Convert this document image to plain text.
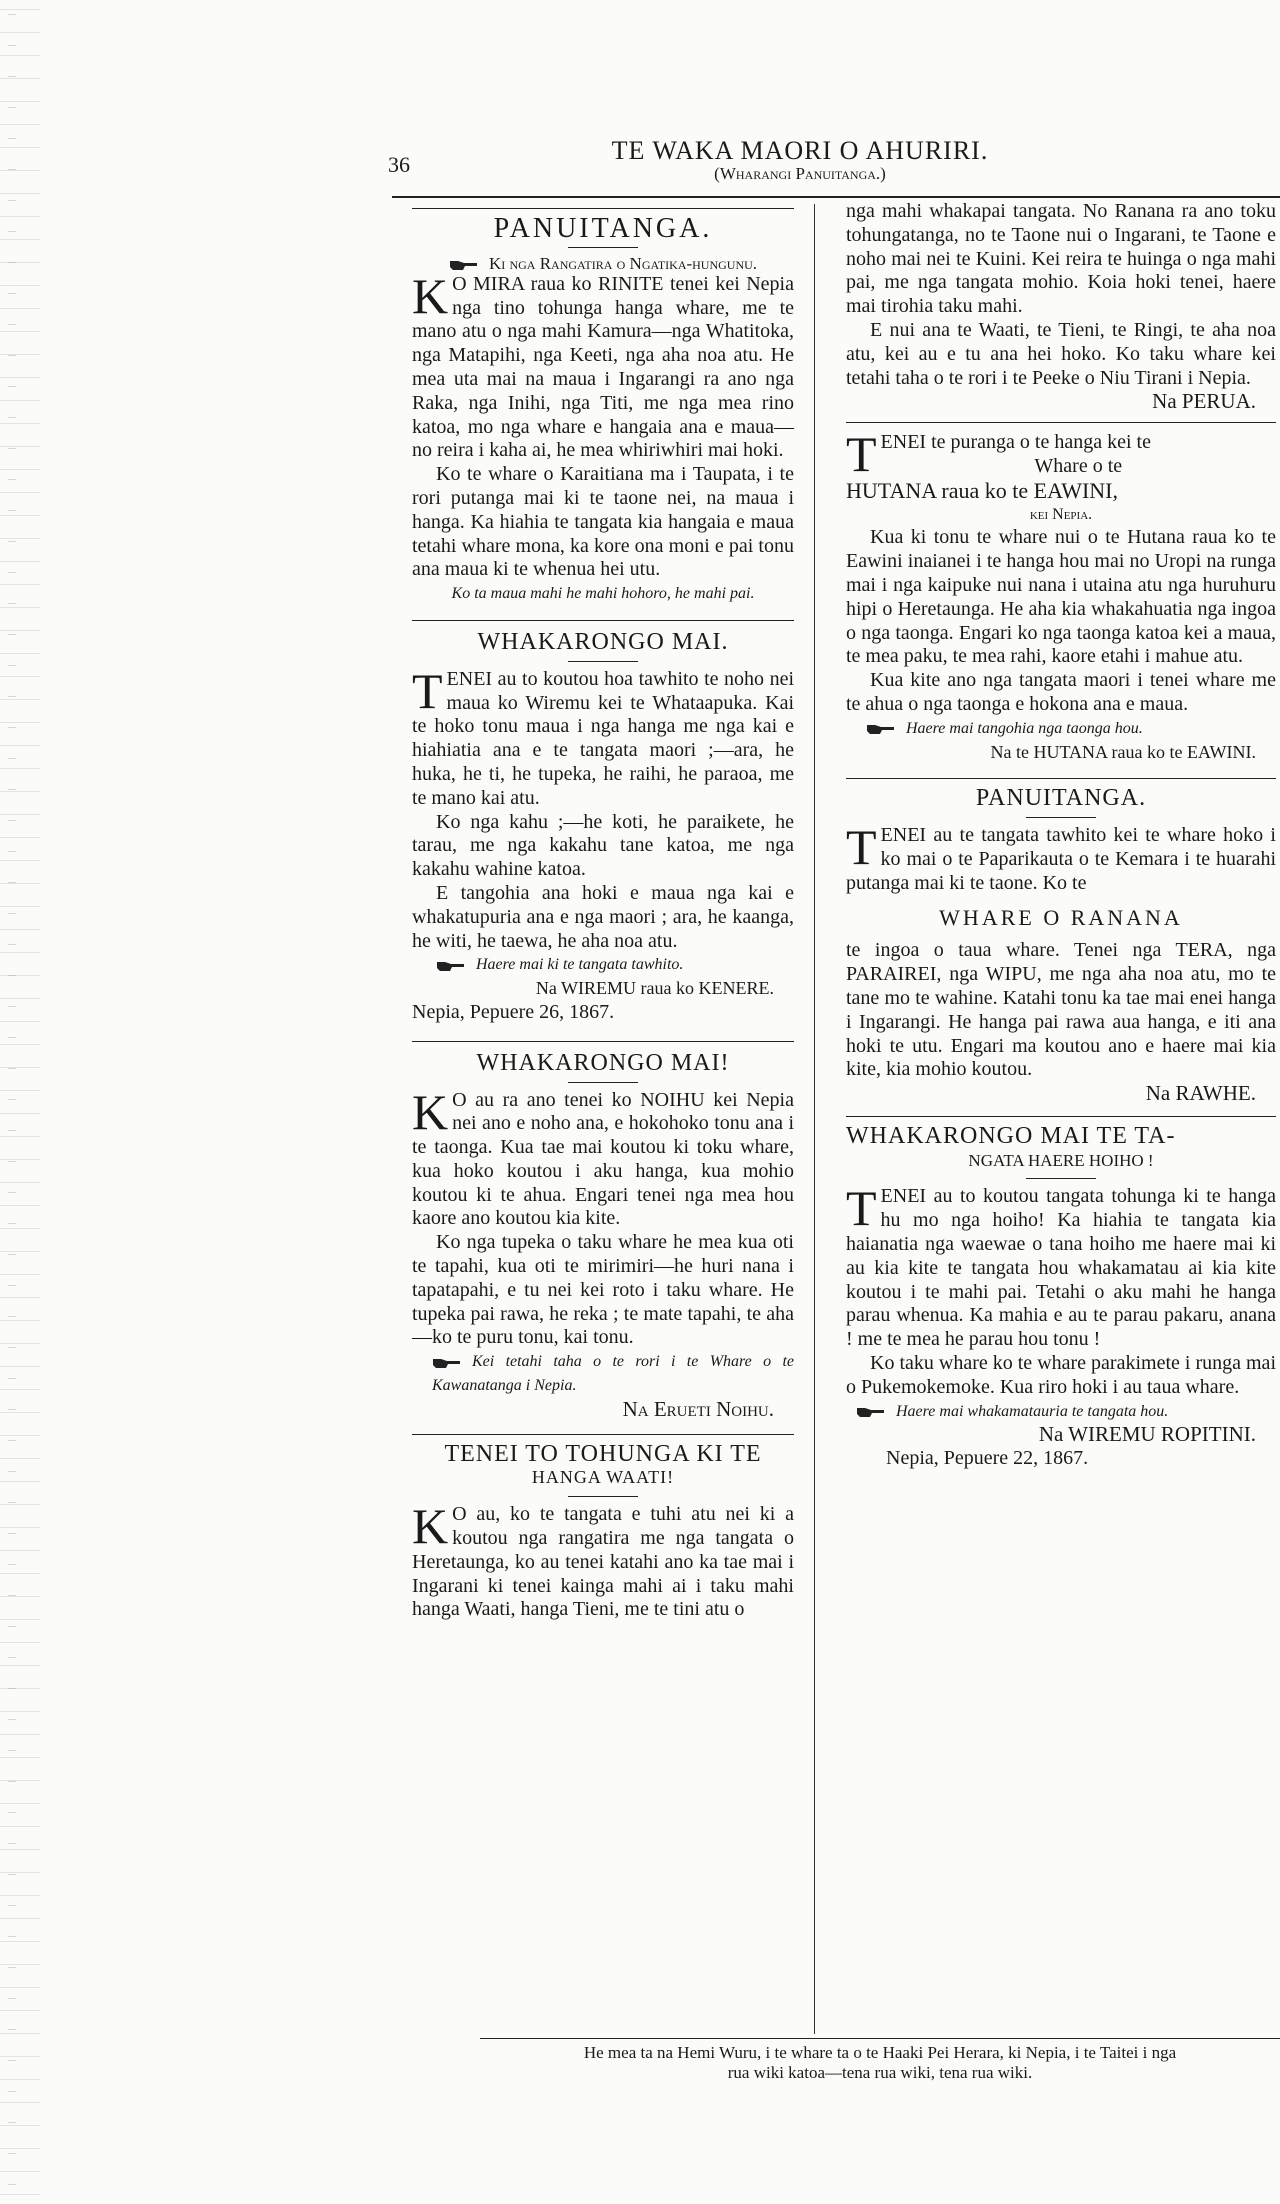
36	TE WAKA MAORI O AHURIRI.
(Wharangi Panuitanga.)
PANUITANGA.

Ki nga Rangatira o Ngatika-hungunu.

K O MIRA raua ko RINITE tenei kei Nepia nga tino tohunga hanga whare, me te mano atu o nga mahi Kamura—nga Whatitoka, nga Matapihi, nga Keeti, nga aha noa atu. He mea uta mai na maua i Ingarangi ra ano nga Raka, nga Inihi, nga Titi, me nga mea rino katoa, mo nga whare e hangaia ana e maua—no reira i kaha ai, he mea whiriwhiri mai hoki.

Ko te whare o Karaitiana ma i Taupata, i te rori putanga mai ki te taone nei, na maua i hanga. Ka hiahia te tangata kia hangaia e maua tetahi whare mona, ka kore ona moni e pai tonu ana maua ki te whenua hei utu.

Ko ta maua mahi he mahi hohoro, he mahi pai.

WHAKARONGO MAI.

TENEI au to koutou hoa tawhito te noho nei maua ko Wiremu kei te Whataapuka. Kai te hoko tonu maua i nga hanga me nga kai e hiahiatia ana e te tangata maori ;—ara, he huka, he ti, he tupeka, he raihi, he paraoa, me te mano kai atu.

Ko nga kahu ;—he koti, he paraikete, he tarau, me nga kakahu tane katoa, me nga kakahu wahine katoa.

E tangohia ana hoki e maua nga kai e whakatupuria ana e nga maori ; ara, he kaanga, he witi, he taewa, he aha noa atu.

Haere mai ki te tangata tawhito.

Na WIREMU raua ko KENERE.

Nepia, Pepuere 26, 1867.

WHAKARONGO MAI!

K O au ra ano tenei ko NOIHU kei Nepia nei ano e noho ana, e hokohoko tonu ana i te taonga. Kua tae mai koutou ki toku whare, kua hoko koutou i aku hanga, kua mohio koutou ki te ahua. Engari tenei nga mea hou kaore ano koutou kia kite.

Ko nga tupeka o taku whare he mea kua oti te tapahi, kua oti te mirimiri—he huri nana i tapatapahi, e tu nei kei roto i taku whare. He tupeka pai rawa, he reka ; te mate tapahi, te aha—ko te puru tonu, kai tonu.

Kei tetahi taha o te rori i te Whare o te Kawanatanga i Nepia.

Na Erueti Noihu.

TENEI TO TOHUNGA KI TE

HANGA WAATI!

K O au, ko te tangata e tuhi atu nei ki a koutou nga rangatira me nga tangata o Heretaunga, ko au tenei katahi ano ka tae mai i Ingarani ki tenei kainga mahi ai i taku mahi hanga Waati, hanga Tieni, me te tini atu o

nga mahi whakapai tangata. No Ranana ra ano toku tohungatanga, no te Taone nui o Ingarani, te Taone e noho mai nei te Kuini. Kei reira te huinga o nga mahi pai, me nga tangata mohio. Koia hoki tenei, haere mai tirohia taku mahi.

E nui ana te Waati, te Tieni, te Ringi, te aha noa atu, kei au e tu ana hei hoko. Ko taku whare kei tetahi taha o te rori i te Peeke o Niu Tirani i Nepia.

Na PERUA.

TENEI te puranga o te hanga kei te

Whare o te

HUTANA raua ko te EAWINI,

kei Nepia.

Kua ki tonu te whare nui o te Hutana raua ko te Eawini inaianei i te hanga hou mai no Uropi na runga mai i nga kaipuke nui nana i utaina atu nga huruhuru hipi o Heretaunga. He aha kia whakahuatia nga ingoa o nga taonga. Engari ko nga taonga katoa kei a maua, te mea paku, te mea rahi, kaore etahi i mahue atu.

Kua kite ano nga tangata maori i tenei whare me te ahua o nga taonga e hokona ana e maua.

Haere mai tangohia nga taonga hou.

Na te HUTANA raua ko te EAWINI.

PANUITANGA.

TENEI au te tangata tawhito kei te whare hoko i ko mai o te Paparikauta o te Kemara i te huarahi putanga mai ki te taone. Ko te

WHARE O RANANA

te ingoa o taua whare. Tenei nga TERA, nga PARAIREI, nga WIPU, me nga aha noa atu, mo te tane mo te wahine. Katahi tonu ka tae mai enei hanga i Ingarangi. He hanga pai rawa aua hanga, e iti ana hoki te utu. Engari ma koutou ano e haere mai kia kite, kia mohio koutou.

Na RAWHE.

WHAKARONGO MAI TE TA-

NGATA HAERE HOIHO !

TENEI au to koutou tangata tohunga ki te hanga hu mo nga hoiho! Ka hiahia te tangata kia haianatia nga waewae o tana hoiho me haere mai ki au kia kite te tangata hou whakamatau ai kia kite koutou i te mahi pai. Tetahi o aku mahi he hanga parau whenua. Ka mahia e au te parau pakaru, anana ! me te mea he parau hou tonu !

Ko taku whare ko te whare parakimete i runga mai o Pukemokemoke. Kua riro hoki i au taua whare.

Haere mai whakamatauria te tangata hou.

Na WIREMU ROPITINI.

Nepia, Pepuere 22, 1867.

He mea ta na Hemi Wuru, i te whare ta o te Haaki Pei Herara, ki Nepia, i te Taitei i nga
rua wiki katoa—tena rua wiki, tena rua wiki.
